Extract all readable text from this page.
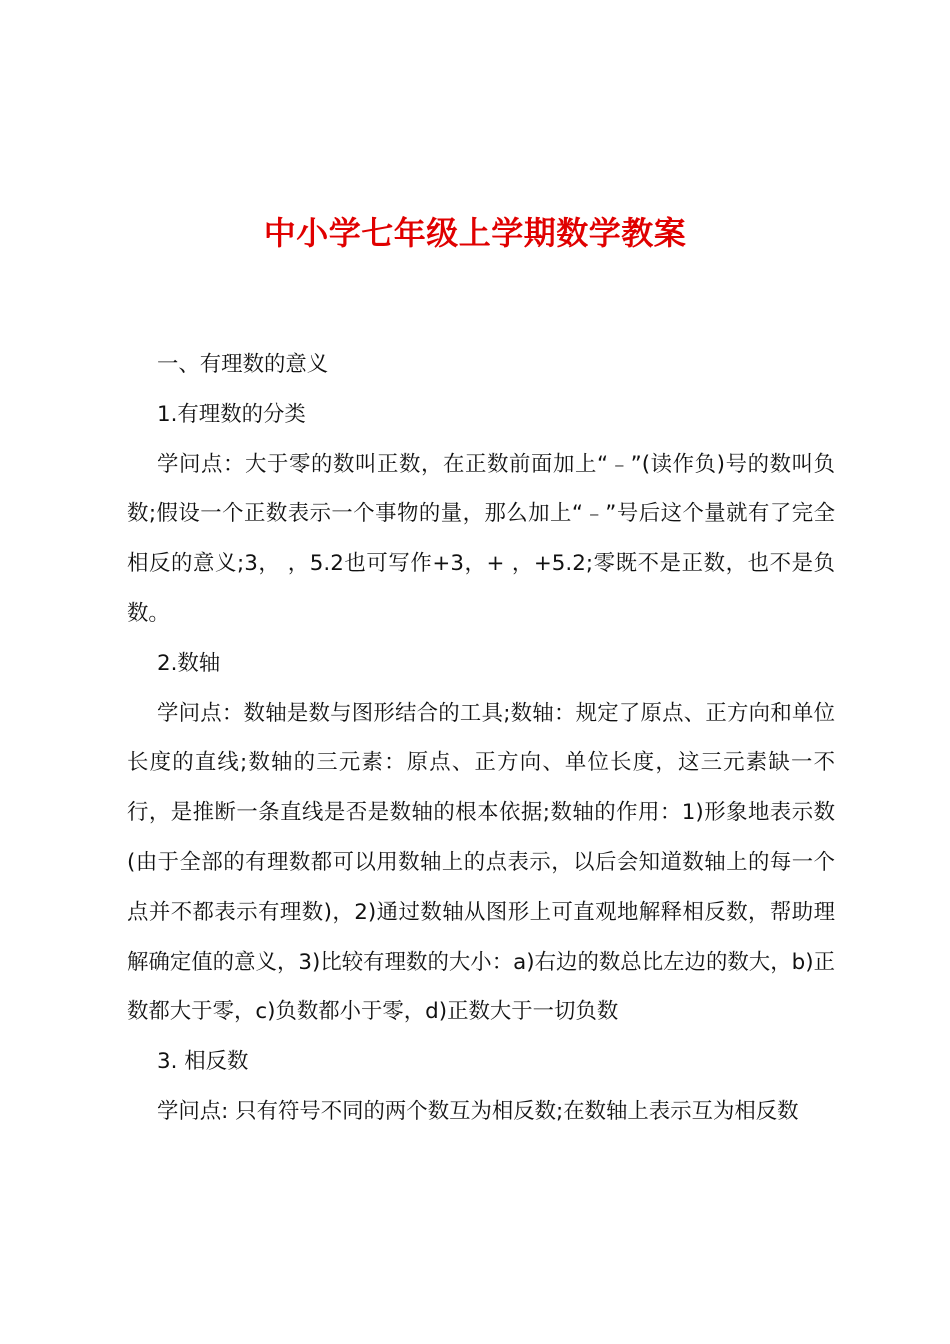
中小学七年级上学期数学教案

一、有理数的意义

1.有理数的分类

学问点：大于零的数叫正数，在正数前面加上“﹣”(读作负)号的数叫负数;假设一个正数表示一个事物的量，那么加上“﹣”号后这个量就有了完全相反的意义;3， ，5.2也可写作+3，+ ，+5.2;零既不是正数，也不是负数。

2.数轴

学问点：数轴是数与图形结合的工具;数轴：规定了原点、正方向和单位长度的直线;数轴的三元素：原点、正方向、单位长度，这三元素缺一不行，是推断一条直线是否是数轴的根本依据;数轴的作用：1)形象地表示数(由于全部的有理数都可以用数轴上的点表示，以后会知道数轴上的每一个点并不都表示有理数)，2)通过数轴从图形上可直观地解释相反数，帮助理解确定值的意义，3)比较有理数的大小：a)右边的数总比左边的数大，b)正数都大于零，c)负数都小于零，d)正数大于一切负数

3. 相反数

学问点: 只有符号不同的两个数互为相反数;在数轴上表示互为相反数
